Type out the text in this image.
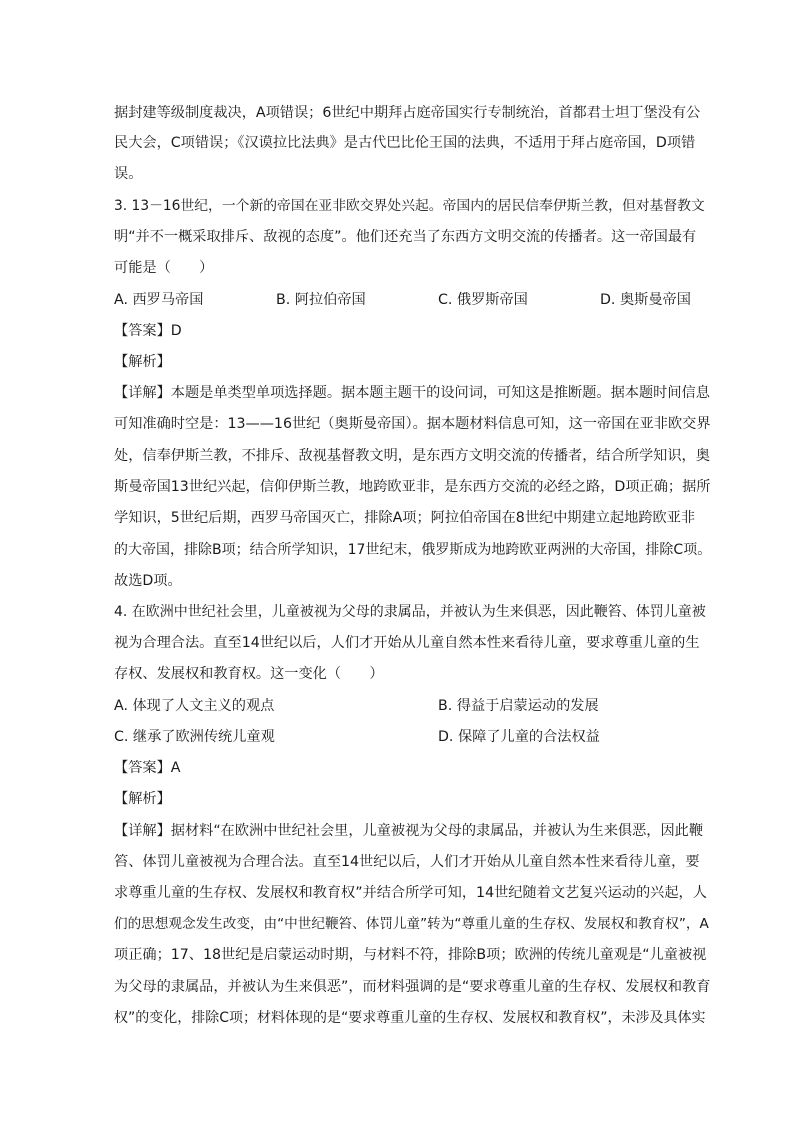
据封建等级制度裁决，A项错误；6世纪中期拜占庭帝国实行专制统治，首都君士坦丁堡没有公
民大会，C项错误；《汉谟拉比法典》是古代巴比伦王国的法典，不适用于拜占庭帝国，D项错
误。
3. 13－16世纪，一个新的帝国在亚非欧交界处兴起。帝国内的居民信奉伊斯兰教，但对基督教文
明“并不一概采取排斥、敌视的态度”。他们还充当了东西方文明交流的传播者。这一帝国最有
可能是（　　）
A. 西罗马帝国	B. 阿拉伯帝国	C. 俄罗斯帝国	D. 奥斯曼帝国
【答案】D
【解析】
【详解】本题是单类型单项选择题。据本题主题干的设问词，可知这是推断题。据本题时间信息
可知准确时空是：13——16世纪（奥斯曼帝国）。据本题材料信息可知，这一帝国在亚非欧交界
处，信奉伊斯兰教，不排斥、敌视基督教文明，是东西方文明交流的传播者，结合所学知识，奥
斯曼帝国13世纪兴起，信仰伊斯兰教，地跨欧亚非，是东西方交流的必经之路，D项正确；据所
学知识，5世纪后期，西罗马帝国灭亡，排除A项；阿拉伯帝国在8世纪中期建立起地跨欧亚非
的大帝国，排除B项；结合所学知识，17世纪末，俄罗斯成为地跨欧亚两洲的大帝国，排除C项。
故选D项。
4. 在欧洲中世纪社会里，儿童被视为父母的隶属品，并被认为生来俱恶，因此鞭笞、体罚儿童被
视为合理合法。直至14世纪以后，人们才开始从儿童自然本性来看待儿童，要求尊重儿童的生
存权、发展权和教育权。这一变化（　　）
A. 体现了人文主义的观点	B. 得益于启蒙运动的发展
C. 继承了欧洲传统儿童观	D. 保障了儿童的合法权益
【答案】A
【解析】
【详解】据材料“在欧洲中世纪社会里，儿童被视为父母的隶属品，并被认为生来俱恶，因此鞭
笞、体罚儿童被视为合理合法。直至14世纪以后，人们才开始从儿童自然本性来看待儿童，要
求尊重儿童的生存权、发展权和教育权”并结合所学可知，14世纪随着文艺复兴运动的兴起，人
们的思想观念发生改变，由“中世纪鞭笞、体罚儿童”转为“尊重儿童的生存权、发展权和教育权”，A
项正确；17、18世纪是启蒙运动时期，与材料不符，排除B项；欧洲的传统儿童观是“儿童被视
为父母的隶属品，并被认为生来俱恶”，而材料强调的是“要求尊重儿童的生存权、发展权和教育
权”的变化，排除C项；材料体现的是“要求尊重儿童的生存权、发展权和教育权”，未涉及具体实
